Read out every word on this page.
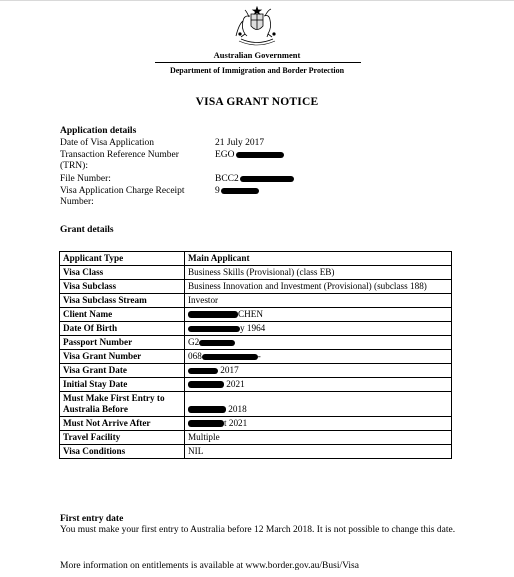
Australian Government
Department of Immigration and Border Protection
VISA GRANT NOTICE
Application details
Date of Visa Application	21 July 2017
Transaction Reference Number (TRN):
EGO
File Number:	BCC2
Visa Application Charge Receipt Number:
9
Grant details
Applicant Type	Main Applicant
Visa Class	Business Skills (Provisional) (class EB)
Visa Subclass	Business Innovation and Investment (Provisional) (subclass 188)
Visa Subclass Stream	Investor
Client Name	CHEN
Date Of Birth	y 1964
Passport Number	G2
Visa Grant Number	068 -
Visa Grant Date	2017
Initial Stay Date	2021
Must Make First Entry to Australia Before	2018
Must Not Arrive After	t 2021
Travel Facility	Multiple
Visa Conditions	NIL
First entry date
You must make your first entry to Australia before 12 March 2018. It is not possible to change this date.
More information on entitlements is available at www.border.gov.au/Busi/Visa
